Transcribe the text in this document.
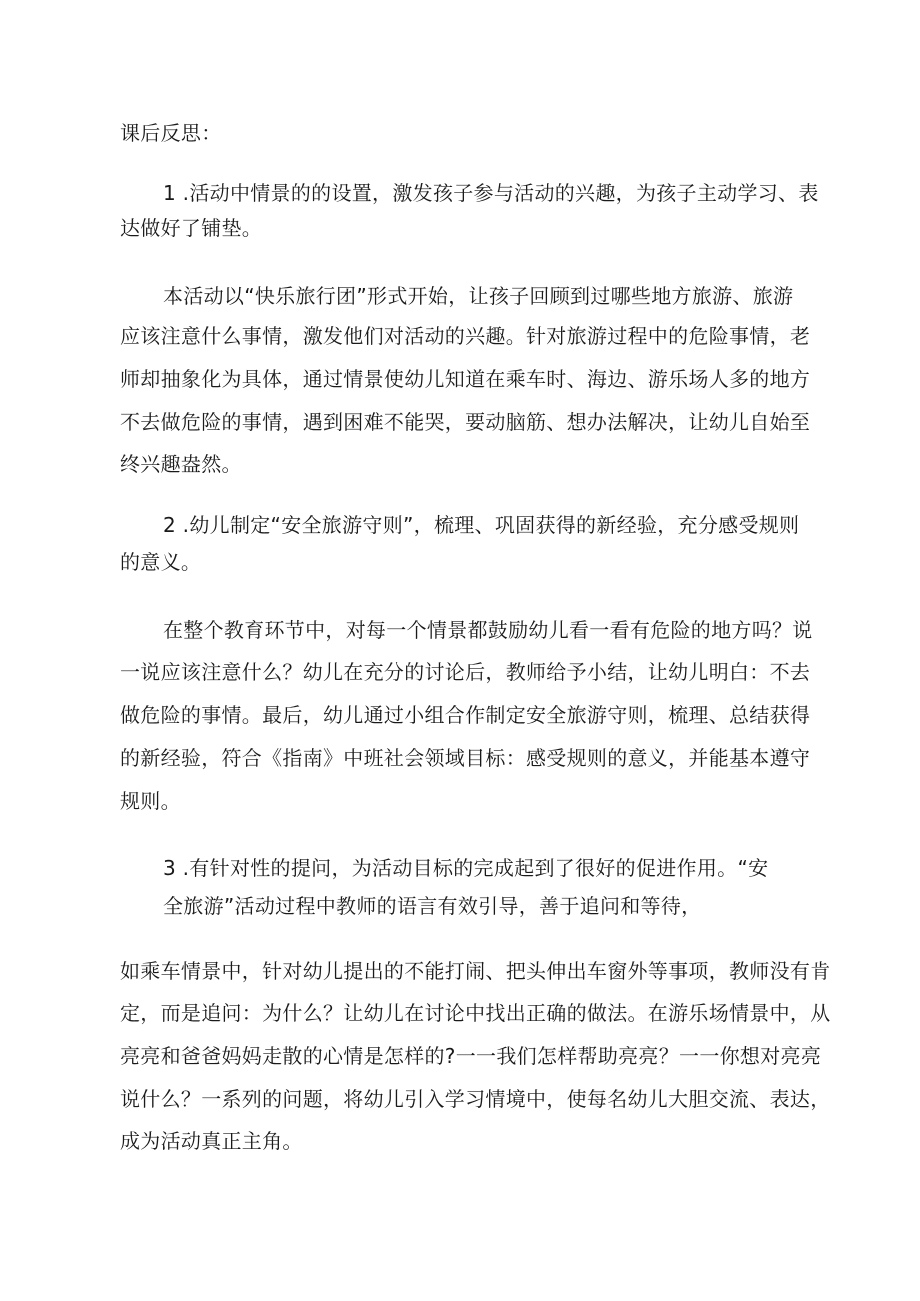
课后反思：
1 .活动中情景的的设置，激发孩子参与活动的兴趣，为孩子主动学习、表
达做好了铺垫。
本活动以“快乐旅行团”形式开始，让孩子回顾到过哪些地方旅游、旅游
应该注意什么事情，激发他们对活动的兴趣。针对旅游过程中的危险事情，老
师却抽象化为具体，通过情景使幼儿知道在乘车时、海边、游乐场人多的地方
不去做危险的事情，遇到困难不能哭，要动脑筋、想办法解决，让幼儿自始至
终兴趣盎然。
2 .幼儿制定“安全旅游守则”，梳理、巩固获得的新经验，充分感受规则
的意义。
在整个教育环节中，对每一个情景都鼓励幼儿看一看有危险的地方吗？说
一说应该注意什么？幼儿在充分的讨论后，教师给予小结，让幼儿明白：不去
做危险的事情。最后，幼儿通过小组合作制定安全旅游守则，梳理、总结获得
的新经验，符合《指南》中班社会领域目标：感受规则的意义，并能基本遵守
规则。
3 .有针对性的提问，为活动目标的完成起到了很好的促进作用。“安
全旅游”活动过程中教师的语言有效引导，善于追问和等待，
如乘车情景中，针对幼儿提出的不能打闹、把头伸出车窗外等事项，教师没有肯
定，而是追问：为什么？让幼儿在讨论中找出正确的做法。在游乐场情景中，从
亮亮和爸爸妈妈走散的心情是怎样的?一一我们怎样帮助亮亮？一一你想对亮亮
说什么？一系列的问题，将幼儿引入学习情境中，使每名幼儿大胆交流、表达，
成为活动真正主角。
